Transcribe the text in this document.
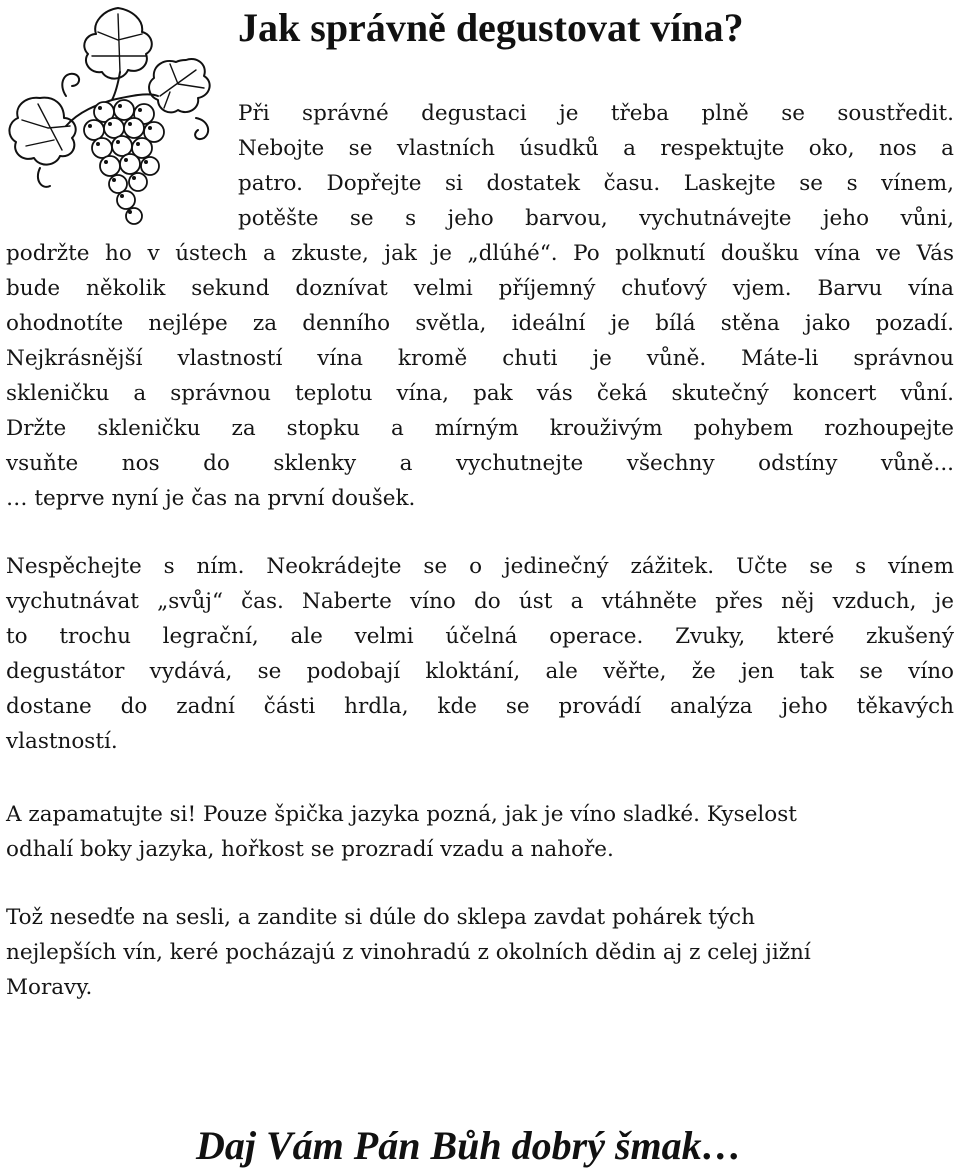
Jak správně degustovat vína?

Při správné degustaci je třeba plně se soustředit.
Nebojte se vlastních úsudků a respektujte oko, nos a
patro. Dopřejte si dostatek času. Laskejte se s vínem,
potěšte se s jeho barvou, vychutnávejte jeho vůni,
podržte ho v ústech a zkuste, jak je „dlúhé“. Po polknutí doušku vína ve Vás
bude několik sekund doznívat velmi příjemný chuťový vjem. Barvu vína
ohodnotíte nejlépe za denního světla, ideální je bílá stěna jako pozadí.
Nejkrásnější vlastností vína kromě chuti je vůně. Máte-li správnou
skleničku a správnou teplotu vína, pak vás čeká skutečný koncert vůní.
Držte skleničku za stopku a mírným krouživým pohybem rozhoupejte
vsuňte nos do sklenky a vychutnejte všechny odstíny vůně...
… teprve nyní je čas na první doušek.

Nespěchejte s ním. Neokrádejte se o jedinečný zážitek. Učte se s vínem
vychutnávat „svůj“ čas. Naberte víno do úst a vtáhněte přes něj vzduch, je
to trochu legrační, ale velmi účelná operace. Zvuky, které zkušený
degustátor vydává, se podobají kloktání, ale věřte, že jen tak se víno
dostane do zadní části hrdla, kde se provádí analýza jeho těkavých
vlastností.

A zapamatujte si! Pouze špička jazyka pozná, jak je víno sladké. Kyselost
odhalí boky jazyka, hořkost se prozradí vzadu a nahoře.

Tož nesedťe na sesli, a zandite si dúle do sklepa zavdat pohárek tých
nejlepších vín, keré pocházajú z vinohradú z okolních dědin aj z celej jižní
Moravy.

Daj Vám Pán Bůh dobrý šmak…
